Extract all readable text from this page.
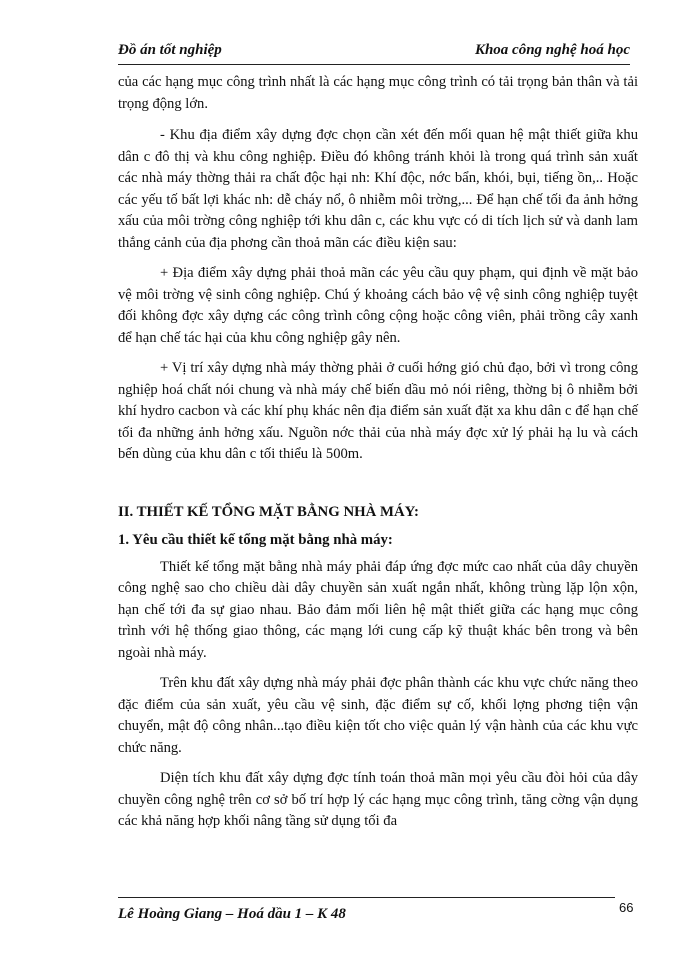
Đồ án tốt nghiệp	Khoa công nghệ hoá học

của các hạng mục công trình nhất là các hạng mục công trình có tải trọng bản thân và tải trọng động lớn.

- Khu địa điểm xây dựng đợc chọn cần xét đến mối quan hệ mật thiết giữa khu dân c đô thị và khu công nghiệp. Điều đó không tránh khỏi là trong quá trình sản xuất các nhà máy thờng thải ra chất độc hại nh: Khí độc, nớc bẩn, khói, bụi, tiếng ồn,.. Hoặc các yếu tố bất lợi khác nh: dễ cháy nổ, ô nhiễm môi trờng,... Để hạn chế tối đa ảnh hởng xấu của môi trờng công nghiệp tới khu dân c, các khu vực có di tích lịch sử và danh lam thắng cảnh của địa phơng cần thoả mãn các điều kiện sau:

+ Địa điểm xây dựng phải thoả mãn các yêu cầu quy phạm, qui định về mặt bảo vệ môi trờng vệ sinh công nghiệp. Chú ý khoảng cách bảo vệ vệ sinh công nghiệp tuyệt đối không đợc xây dựng các công trình công cộng hoặc công viên, phải trồng cây xanh để hạn chế tác hại của khu công nghiệp gây nên.

+ Vị trí xây dựng nhà máy thờng phải ở cuối hớng gió chủ đạo, bởi vì trong công nghiệp hoá chất nói chung và nhà máy chế biến dầu mỏ nói riêng, thờng bị ô nhiễm bởi khí hydro cacbon và các khí phụ khác nên địa điểm sản xuất đặt xa khu dân c để hạn chế tối đa những ảnh hởng xấu. Nguồn nớc thải của nhà máy đợc xử lý phải hạ lu và cách bến dùng của khu dân c tối thiểu là 500m.

II. THIẾT KẾ TỔNG MẶT BẰNG NHÀ MÁY:
1. Yêu cầu thiết kế tổng mặt bằng nhà máy:

Thiết kế tổng mặt bằng nhà máy phải đáp ứng đợc mức cao nhất của dây chuyền công nghệ sao cho chiều dài dây chuyền sản xuất ngắn nhất, không trùng lặp lộn xộn, hạn chế tới đa sự giao nhau. Bảo đảm mối liên hệ mật thiết giữa các hạng mục công trình với hệ thống giao thông, các mạng lới cung cấp kỹ thuật khác bên trong và bên ngoài nhà máy.

Trên khu đất xây dựng nhà máy phải đợc phân thành các khu vực chức năng theo đặc điểm của sản xuất, yêu cầu vệ sinh, đặc điểm sự cố, khối lợng phơng tiện vận chuyển, mật độ công nhân...tạo điều kiện tốt cho việc quản lý vận hành của các khu vực chức năng.

Diện tích khu đất xây dựng đợc tính toán thoả mãn mọi yêu cầu đòi hỏi của dây chuyền công nghệ trên cơ sở bố trí hợp lý các hạng mục công trình, tăng cờng vận dụng các khả năng hợp khối nâng tầng sử dụng tối đa

66
Lê Hoàng Giang – Hoá dầu 1 – K 48
